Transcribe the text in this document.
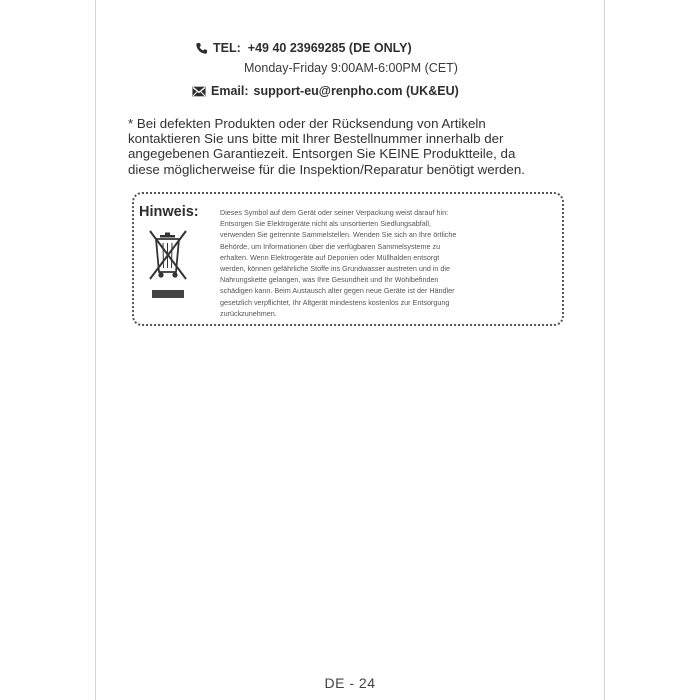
TEL: +49 40 23969285 (DE ONLY)
Monday-Friday 9:00AM-6:00PM (CET)
Email: support-eu@renpho.com (UK&EU)

* Bei defekten Produkten oder der Rücksendung von Artikeln

kontaktieren Sie uns bitte mit Ihrer Bestellnummer innerhalb der

angegebenen Garantiezeit. Entsorgen Sie KEINE Produktteile, da

diese möglicherweise für die Inspektion/Reparatur benötigt werden.

Hinweis:	Dieses Symbol auf dem Gerät oder seiner Verpackung weist darauf hin:

Entsorgen Sie Elektrogeräte nicht als unsortierten Siedlungsabfall,

verwenden Sie getrennte Sammelstellen. Wenden Sie sich an Ihre örtliche

Behörde, um Informationen über die verfügbaren Sammelsysteme zu

erhalten. Wenn Elektrogeräte auf Deponien oder Müllhalden entsorgt

werden, können gefährliche Stoffe ins Grundwasser austreten und in die

Nahrungskette gelangen, was Ihre Gesundheit und Ihr Wohlbefinden

schädigen kann. Beim Austausch alter gegen neue Geräte ist der Händler

gesetzlich verpflichtet, Ihr Altgerät mindestens kostenlos zur Entsorgung

zurückzunehmen.

DE - 24
